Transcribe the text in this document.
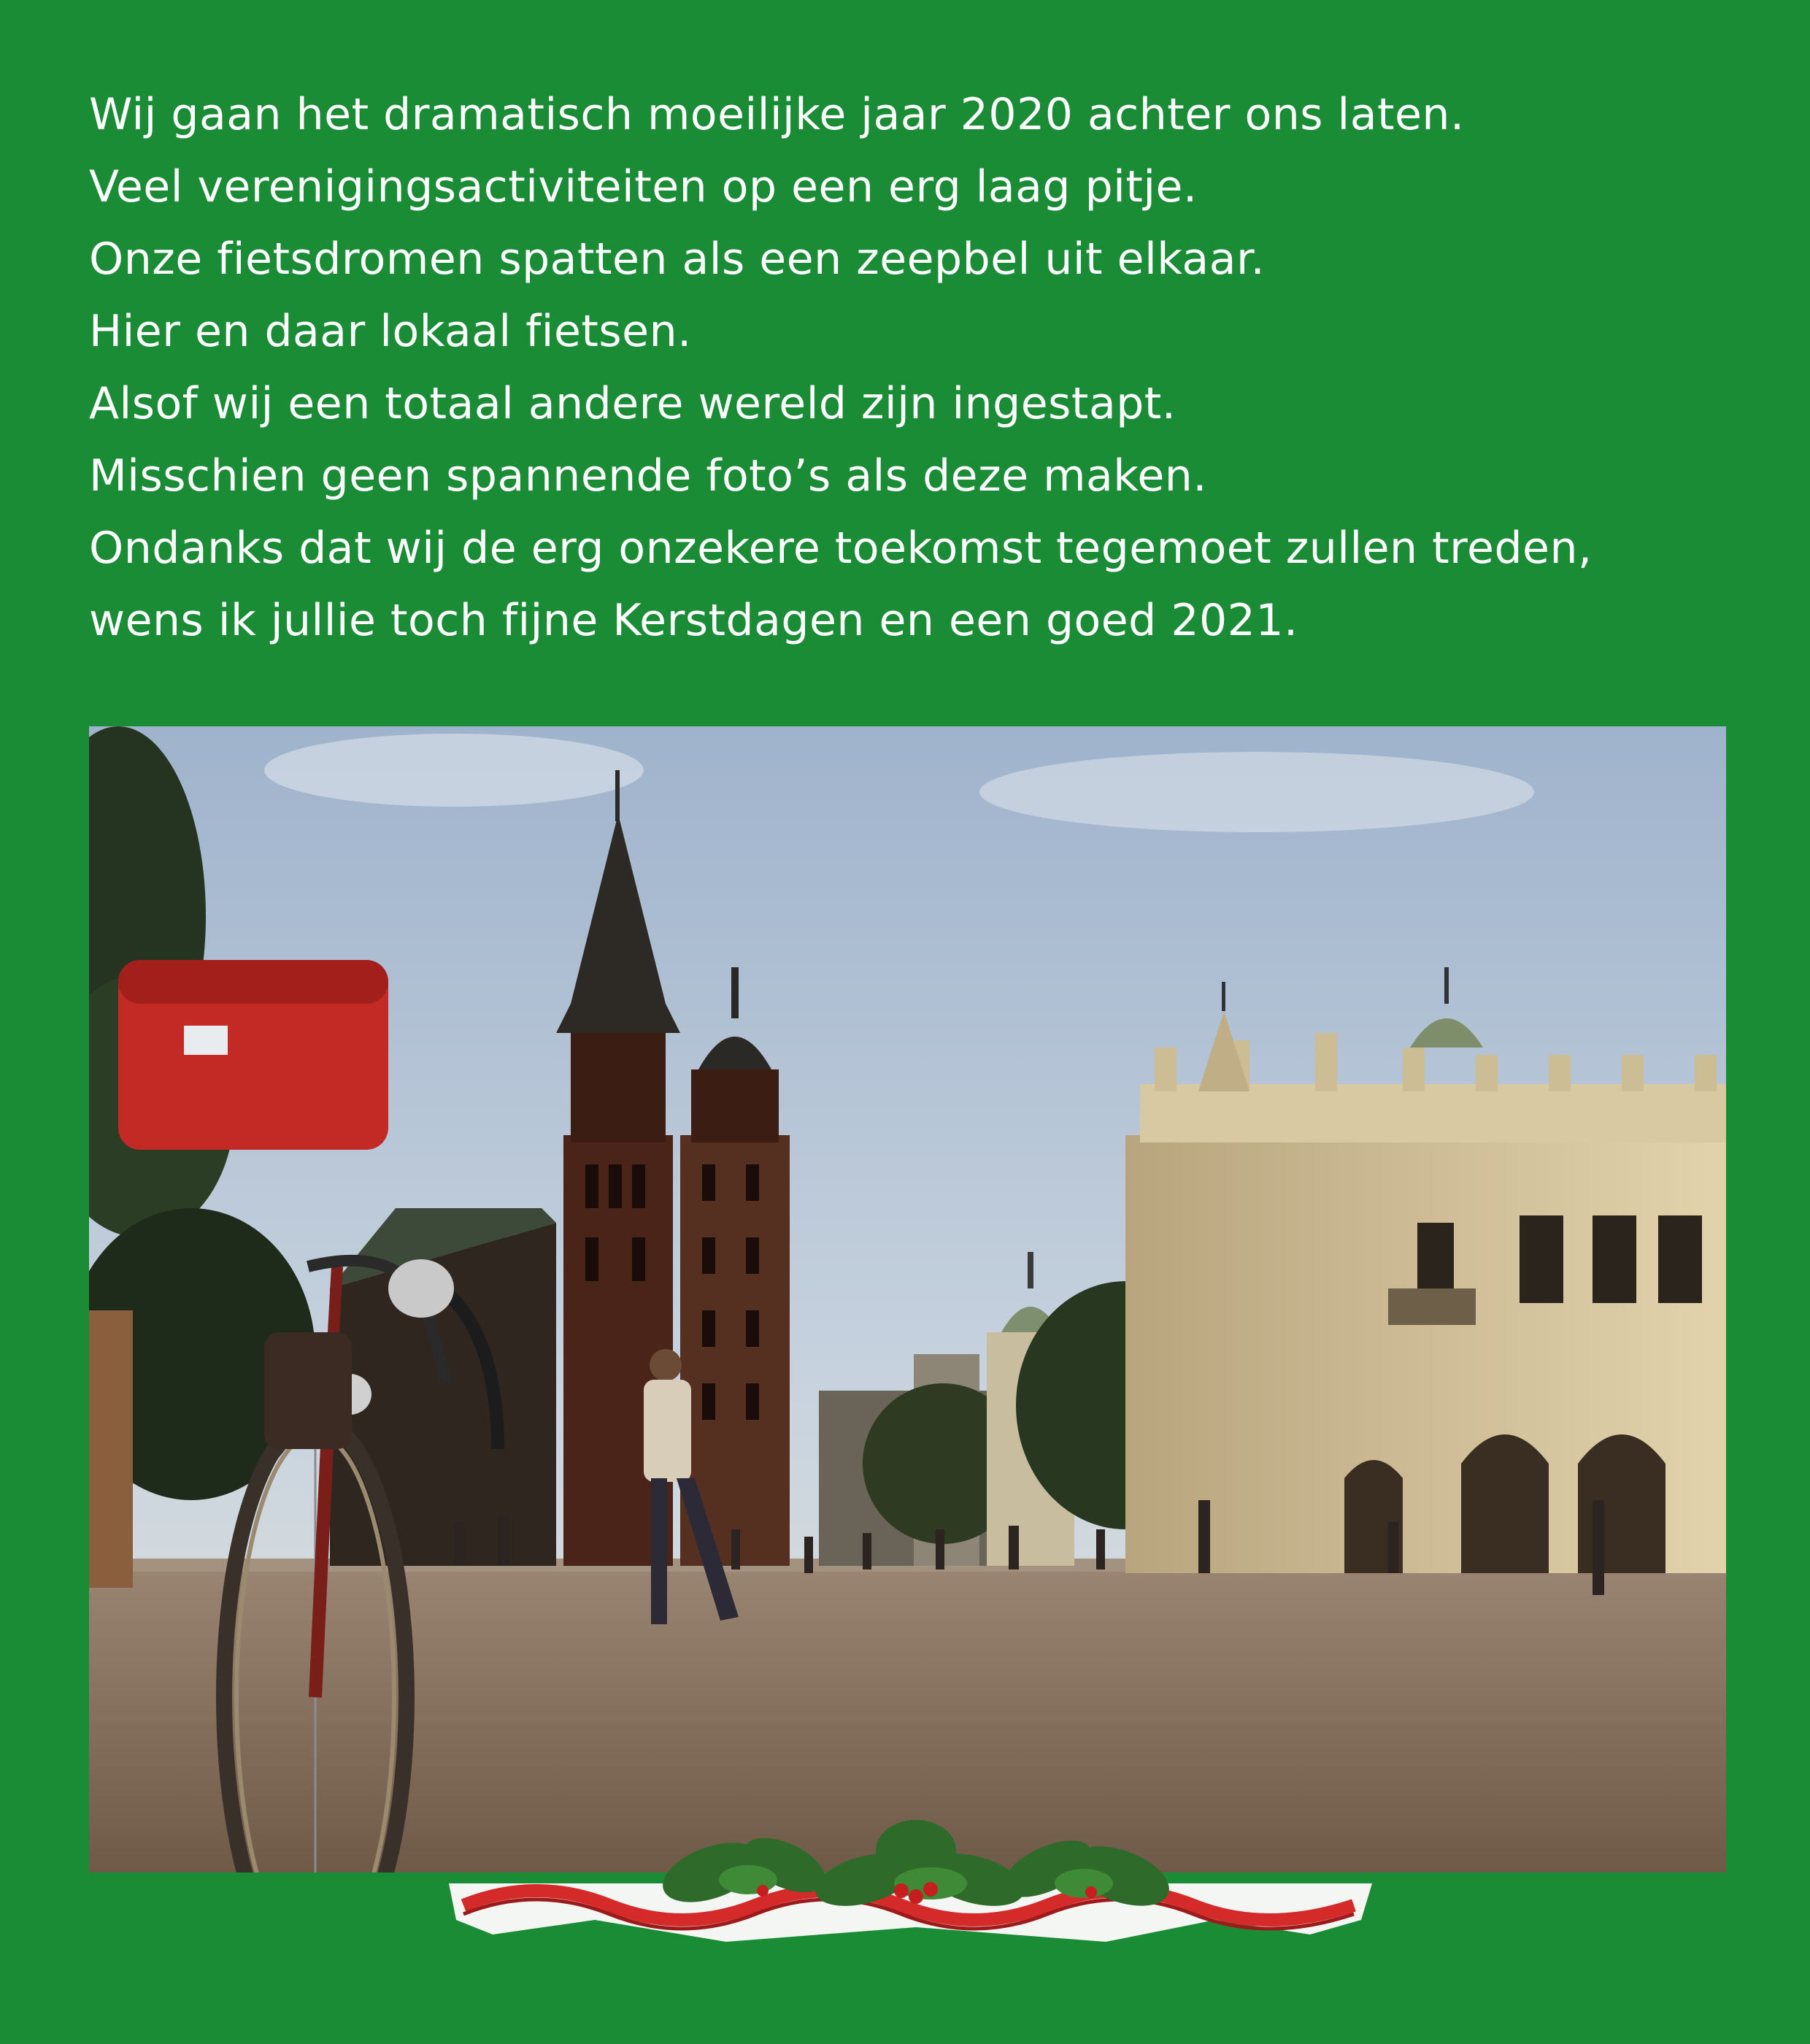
Wij gaan het dramatisch moeilijke jaar 2020 achter ons laten.
Veel verenigingsactiviteiten op een erg laag pitje.
Onze fietsdromen spatten als een zeepbel uit elkaar.
Hier en daar lokaal fietsen.
Alsof wij een totaal andere wereld zijn ingestapt.
Misschien geen spannende foto’s als deze maken.
Ondanks dat wij de erg onzekere toekomst tegemoet zullen treden,
wens ik jullie toch fijne Kerstdagen en een goed 2021.
